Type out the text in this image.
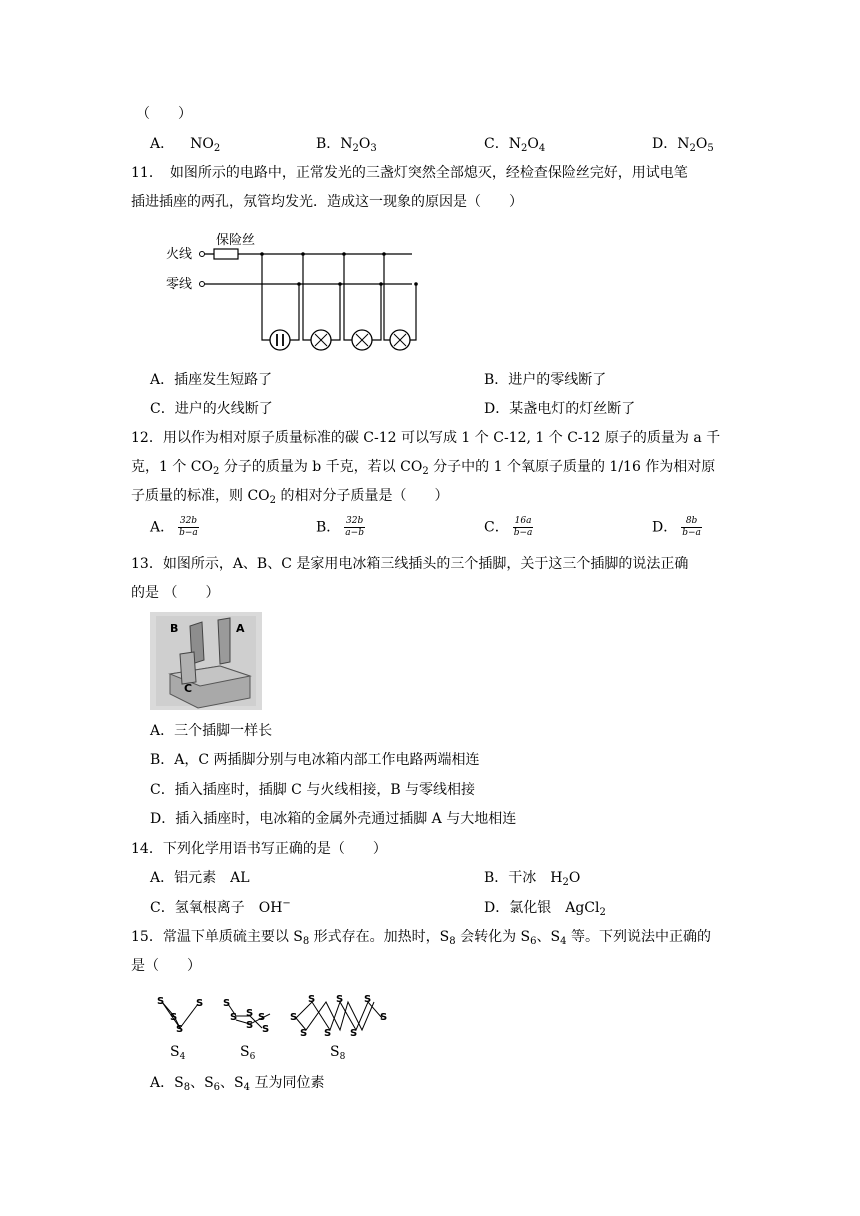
（　　）
A． $NO_2$	B．$N_2O_3$	C．$N_2O_4$	D．$N_2O_5$
11．　如图所示的电路中，正常发光的三盏灯突然全部熄灭，经检查保险丝完好，用试电笔
插进插座的两孔，氖管均发光．造成这一现象的原因是（　　）
火线
零线
保险丝
A．插座发生短路了	B．进户的零线断了
C．进户的火线断了	D．某盏电灯的灯丝断了
12．用以作为相对原子质量标准的碳 C-12 可以写成 1 个 C-12, 1 个 C-12 原子的质量为 a 千
克，1 个 $CO_2$ 分子的质量为 b 千克，若以 $CO_2$ 分子中的 1 个氧原子质量的 1/16 作为相对原
子质量的标准，则 $CO_2$ 的相对分子质量是（　　）
A． $\frac{32b}{b-a}$	B． $\frac{32b}{a-b}$	C． $\frac{16a}{b-a}$	D． $\frac{8b}{b-a}$
13．如图所示，A、B、C 是家用电冰箱三线插头的三个插脚，关于这三个插脚的说法正确
的是 （　　）
B	A
C
A．三个插脚一样长
B．A，C 两插脚分别与电冰箱内部工作电路两端相连
C．插入插座时，插脚 C 与火线相接，B 与零线相接
D．插入插座时，电冰箱的金属外壳通过插脚 A 与大地相连
14．下列化学用语书写正确的是（　　）
A．铝元素　AL	B．干冰　$H_2O$
C．氢氧根离子　OH−	D．氯化银　AgCl$_2$
15．常温下单质硫主要以 $S_8$ 形式存在。加热时，$S_8$ 会转化为 $S_6$、$S_4$ 等。下列说法中正确的
是（　　）
S
S
S
S
$S_4$
S
S S
S
S
S
$S_6$
S
S
S S
S
S
S
S
$S_8$
A．$S_8$、$S_6$、$S_4$ 互为同位素
